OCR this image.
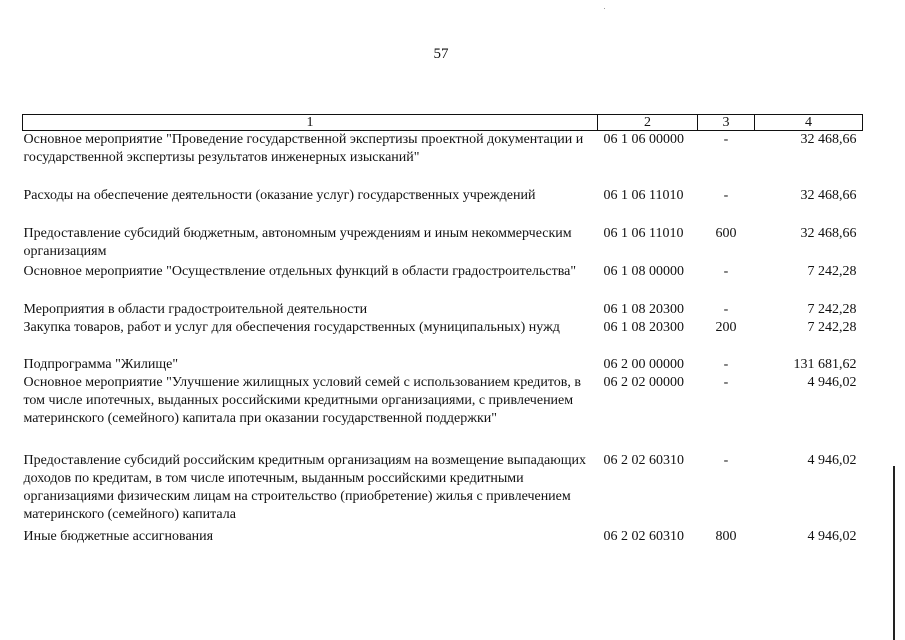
57
1	2	3	4
Основное мероприятие "Проведение государственной экспертизы проектной документации и государственной экспертизы результатов инженерных изысканий"	06 1 06 00000	-	32 468,66
Расходы на обеспечение деятельности (оказание услуг) государственных учреждений	06 1 06 11010	-	32 468,66
Предоставление субсидий бюджетным, автономным учреждениям и иным некоммерческим организациям	06 1 06 11010	600	32 468,66
Основное мероприятие "Осуществление отдельных функций в области градостроительства"	06 1 08 00000	-	7 242,28
Мероприятия в области градостроительной деятельности	06 1 08 20300	-	7 242,28
Закупка товаров, работ и услуг для обеспечения государственных (муниципальных) нужд	06 1 08 20300	200	7 242,28
Подпрограмма "Жилище"	06 2 00 00000	-	131 681,62
Основное мероприятие "Улучшение жилищных условий семей с использованием кредитов, в том числе ипотечных, выданных российскими кредитными организациями, с привлечением материнского (семейного) капитала при оказании государственной поддержки"	06 2 02 00000	-	4 946,02
Предоставление субсидий российским кредитным организациям на возмещение выпадающих доходов по кредитам, в том числе ипотечным, выданным российскими кредитными организациями физическим лицам на строительство (приобретение) жилья с привлечением материнского (семейного) капитала	06 2 02 60310	-	4 946,02
Иные бюджетные ассигнования	06 2 02 60310	800	4 946,02
